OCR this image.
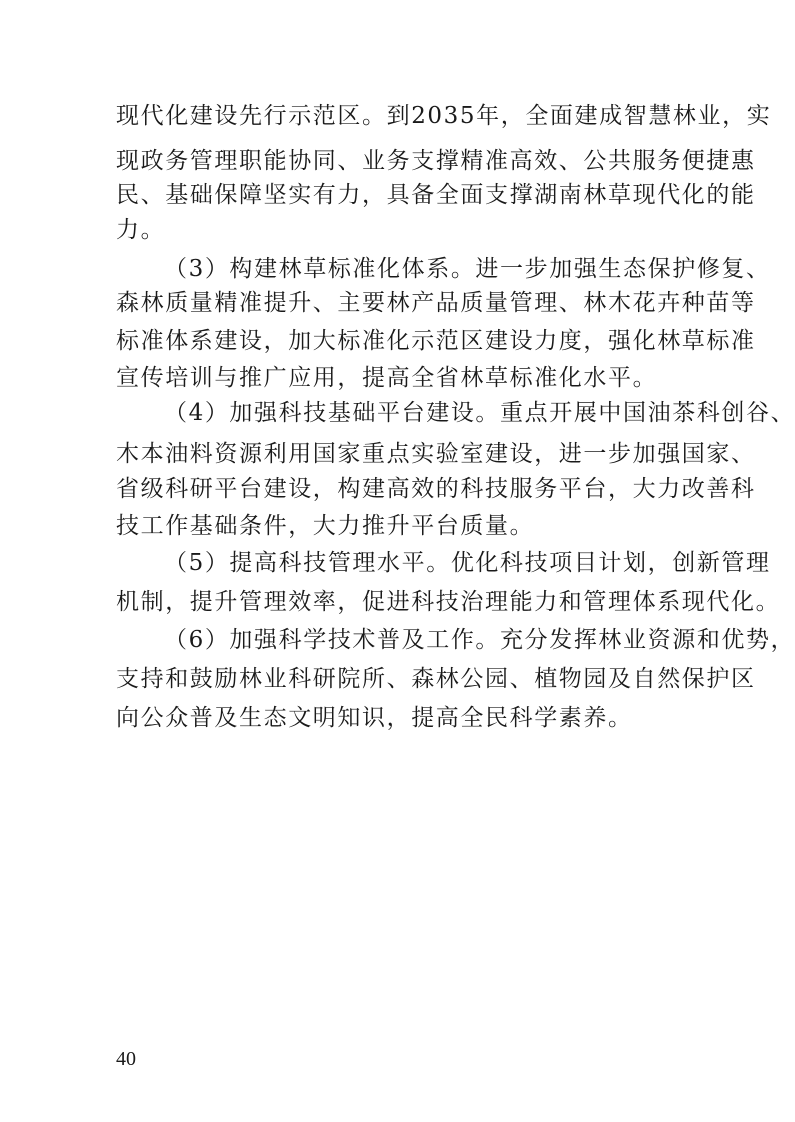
现代化建设先行示范区。到2035年，全面建成智慧林业，实
现政务管理职能协同、业务支撑精准高效、公共服务便捷惠
民、基础保障坚实有力，具备全面支撑湖南林草现代化的能
力。
（3）构建林草标准化体系。进一步加强生态保护修复、
森林质量精准提升、主要林产品质量管理、林木花卉种苗等
标准体系建设，加大标准化示范区建设力度，强化林草标准
宣传培训与推广应用，提高全省林草标准化水平。
（4）加强科技基础平台建设。重点开展中国油茶科创谷、
木本油料资源利用国家重点实验室建设，进一步加强国家、
省级科研平台建设，构建高效的科技服务平台，大力改善科
技工作基础条件，大力推升平台质量。
（5）提高科技管理水平。优化科技项目计划，创新管理
机制，提升管理效率，促进科技治理能力和管理体系现代化。
（6）加强科学技术普及工作。充分发挥林业资源和优势，
支持和鼓励林业科研院所、森林公园、植物园及自然保护区
向公众普及生态文明知识，提高全民科学素养。
40
